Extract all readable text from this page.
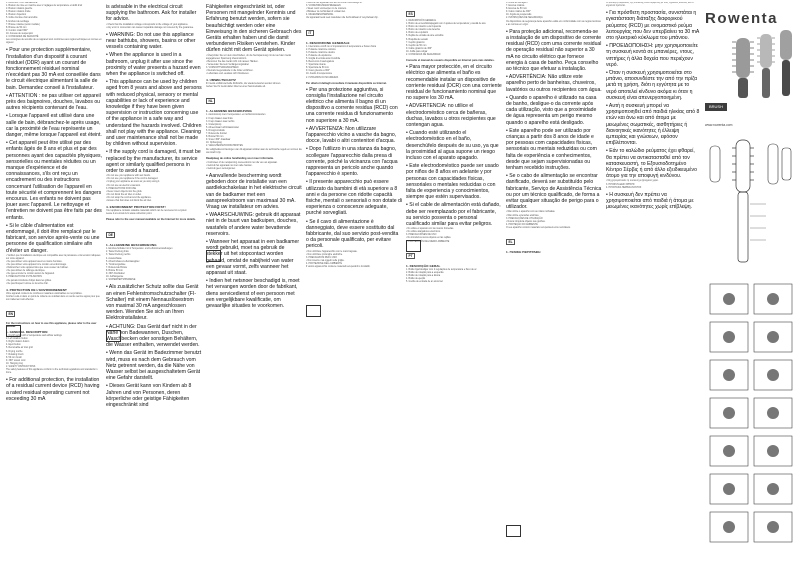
1. DESCRIPTION GÉNÉRALE
1. Bouton de mise en marche avec 2 réglages de température et débit d'air
2. Bouton rotation gauche
3. Bouton rotation droite
4. Bouton d'éjection
5. Grille d'entrée d'air amovible
6. Embout de séchage
7. Brosse rotative (selon modèle)
8. Brosse de 50 mm
9. Cordon rotatif 360°
10. Anneau de suspension
2. CONSIGNES DE SÉCURITÉ
Les consignes de sécurité de cet appareil sont conformes aux règles techniques et normes en vigueur.

• Pour une protection supplémentaire, l'installation d'un dispositif à courant résiduel (DDR) ayant un courant de fonctionnement résiduel nominal n'excédant pas 30 mA est conseillée dans le circuit électrique alimentant la salle de bain. Demandez conseil à l'installateur.

• ATTENTION : ne pas utiliser cet appareil près des baignoires, douches, lavabos ou autres récipients contenant de l'eau.

• Lorsque l'appareil est utilisé dans une salle de bain, débranchez-le après usage, car la proximité de l'eau représente un danger, même lorsque l'appareil est éteint.

• Cet appareil peut être utilisé par des enfants âgés de 8 ans et plus et par des personnes ayant des capacités physiques, sensorielles ou mentales réduites ou un manque d'expérience et de connaissances, s'ils ont reçu un encadrement ou des instructions concernant l'utilisation de l'appareil en toute sécurité et comprennent les dangers encourus. Les enfants ne doivent pas jouer avec l'appareil. Le nettoyage et l'entretien ne doivent pas être faits par des enfants.

• Si le câble d'alimentation est endommagé, il doit être remplacé par le fabricant, son service après-vente ou une personne de qualification similaire afin d'éviter un danger.

• Vérifiez que l'installation électrique est compatible avec la puissance et la tension indiquées sur votre appareil.
• Ne pas utiliser votre appareil avec les mains humides.
• Ne pas utiliser votre appareil si le cordon est endommagé.
• Débranchez votre appareil dès que vous cessez de l'utiliser.
• Ne pas utiliser de rallonge électrique.
• Ne pas enrouler le cordon autour de l'appareil.
3. PRÉCAUTIONS D'UTILISATION
• Ne jamais introduire d'objet dans les grilles.
• Ne pas bloquer l'entrée ou la sortie d'air.

4. PROTECTION DE L'ENVIRONNEMENT

Votre appareil contient de nombreux matériaux valorisables ou recyclables.
Confiez celui-ci dans un point de collecte ou à défaut dans un centre service agréé pour que son traitement soit effectué.

EN

For the instructions on how to use this appliance, please refer to the user manual.

1. GENERAL DESCRIPTION

1. On/off switch with 2 temperature and airflow settings
2. Left rotation button
3. Right rotation button
4. Eject button
5. Removable air inlet grid
6. Drying nozzle
7. Rotating brush
8. 50 mm brush
9. 360° swivel cord
10. Hanging ring
2. SAFETY INSTRUCTIONS
The safety features of this appliance conform to the technical regulations and standards in force.

• For additional protection, the installation of a residual current device (RCD) having a rated residual operating current not exceeding 30 mA

is advisable in the electrical circuit supplying the bathroom. Ask for installer for advice.

• Check that the installation voltage corresponds to the voltage of your appliance.
• Any error in connection can cause irreparable damage not covered by the guarantee.

• WARNING: Do not use this appliance near bathtubs, showers, basins or other vessels containing water.

• When the appliance is used in a bathroom, unplug it after use since the proximity of water presents a hazard even when the appliance is switched off.

• This appliance can be used by children aged from 8 years and above and persons with reduced physical, sensory or mental capabilities or lack of experience and knowledge if they have been given supervision or instruction concerning use of the appliance in a safe way and understand the hazards involved. Children shall not play with the appliance. Cleaning and user maintenance shall not be made by children without supervision.

• If the supply cord is damaged, it must be replaced by the manufacturer, its service agent or similarly qualified persons in order to avoid a hazard.

• Do not use your appliance with wet hands.
• Do not use your appliance if the cord is damaged.
• Unplug your appliance as soon as you stop using it.
• Do not use an electric extension.
3. PRECAUTIONS FOR USE
• Never insert objects into the grids.
• Do not block the air inlet or outlet.
• Do not wrap the cord around the appliance.
• Ensure that hair does not block the air inlet.

4. ENVIRONMENT PROTECTION FIRST!

Your appliance contains valuable materials which can be recovered or recycled.
Leave it at a local civic waste collection point.

Please refer to the user manual available on the Internet for more details.

DE

1. ALLGEMEINE BESCHREIBUNG

1. Ein/Aus-Schalter mit 2 Temperatur- und Luftstromeinstellungen
2. Taste Drehung links
3. Taste Drehung rechts
4. Auswurftaste
5. Abnehmbares Lufteinlassgitter
6. Trocknungsdüse
7. Rotierende Bürste
8. Bürste 50 mm
9. 360°-Drehkabel
10. Aufhängeöse
2. SICHERHEITSHINWEISE

• Als zusätzlicher Schutz sollte das Gerät an einen Fehlerstromschutzschalter (FI-Schalter) mit einem Nennauslösestrom von maximal 30 mA angeschlossen werden. Wenden Sie sich an Ihren Elektroinstallateur.

• ACHTUNG: Das Gerät darf nicht in der Nähe von Badewannen, Duschen, Waschbecken oder sonstigen Behältern, die Wasser enthalten, verwendet werden.

• Wenn das Gerät im Badezimmer benutzt wird, muss es nach dem Gebrauch vom Netz getrennt werden, da die Nähe von Wasser selbst bei ausgeschaltetem Gerät eine Gefahr darstellt.

• Dieses Gerät kann von Kindern ab 8 Jahren und von Personen, deren körperliche oder geistige Fähigkeiten eingeschränkt sind

Fähigkeiten eingeschränkt ist, oder Personen mit mangelnder Kenntnis und Erfahrung benutzt werden, sofern sie beaufsichtigt werden oder eine Einweisung in den sicheren Gebrauch des Geräts erhalten haben und die damit verbundenen Risiken verstehen. Kinder dürfen nicht mit dem Gerät spielen.

• Überprüfen Sie vor dem Anschließen, ob die Netzspannung mit der auf dem Gerät angegebenen Spannung übereinstimmt.
• Benutzen Sie das Gerät nicht mit nassen Händen.
• Verwenden Sie kein Verlängerungskabel.
3. VORSICHTSMASSNAHMEN
• Niemals Gegenstände in die Gitter einführen.
• Lufteinlass und -auslass nicht blockieren.

4. UMWELTSCHUTZ

Ihr Gerät enthält wertvolle Rohstoffe, die wiederverwertet werden können.
Geben Sie Ihr Gerät daher bitte bei einer Sammelstelle ab.

NL

1. ALGEMENE BESCHRIJVING

1. Aan/uit-knop met 2 temperatuur- en luchtstroomstanden
2. Knop draaien naar links
3. Knop draaien naar rechts
4. Uitwerpknop
5. Afneembaar luchtinlaatrooster
6. Droogmondstuk
7. Roterende borstel
8. Borstel 50 mm
9. Snoer 360° draaibaar
10. Ophangoog
2. VEILIGHEIDSVOORSCHRIFTEN
De veiligheidsvoorzieningen van dit apparaat voldoen aan de technische regels en normen die van kracht zijn.

Raadpleeg de online handleiding voor meer informatie.

• Controleer of de netspanning overeenkomt met die van uw apparaat.
• Gebruik het apparaat niet met natte handen.
• Gebruik geen verlengsnoer.

• Aanvullende bescherming wordt geboden door de installatie van een aardlekschakelaar in het elektrische circuit van de badkamer met een aanspreekstroom van maximaal 30 mA. Vraag uw installateur om advies.

• WAARSCHUWING: gebruik dit apparaat niet in de buurt van badkuipen, douches, wastafels of andere water bevattende reservoirs.

• Wanneer het apparaat in een badkamer wordt gebruikt, moet na gebruik de stekker uit het stopcontact worden gehaald, omdat de nabijheid van water een gevaar vormt, zelfs wanneer het apparaat uit staat.

• Indien het netsnoer beschadigd is, moet het vervangen worden door de fabrikant, diens servicedienst of een persoon met een vergelijkbare kwalificatie, om gevaarlijke situaties te voorkomen.

• Gebruik uw apparaat niet als het snoer beschadigd is.
3. VOORZORGSMAATREGELEN
• Steek nooit voorwerpen in de roosters.
• Blokkeer de luchtinlaat of -uitlaat niet.
4. MILIEUBESCHERMING
Uw apparaat bevat veel materialen die herbruikbaar of recyclebaar zijn.

IT

1. DESCRIZIONE GENERALE

1. Interruttore on/off con 2 impostazioni di temperatura e flusso d'aria
2. Pulsante rotazione sinistra
3. Pulsante rotazione destra
4. Pulsante di espulsione
5. Griglia di entrata aria rimovibile
6. Beccuccio di asciugatura
7. Spazzola rotante
8. Spazzola da 50 mm
9. Cavo girevole a 360°
10. Anello di sospensione
2. ISTRUZIONI DI SICUREZZA

Per ulteriori dettagli consultare il manuale disponibile su Internet.

• Per una protezione aggiuntiva, si consiglia l'installazione nel circuito elettrico che alimenta il bagno di un dispositivo a corrente residua (RCD) con una corrente residua di funzionamento non superiore a 30 mA.

• AVVERTENZA: Non utilizzare l'apparecchio vicino a vasche da bagno, docce, lavabi o altri contenitori d'acqua.

• Dopo l'utilizzo in una stanza da bagno, scollegare l'apparecchio dalla presa di corrente, poiché la vicinanza con l'acqua rappresenta un pericolo anche quando l'apparecchio è spento.

• Il presente apparecchio può essere utilizzato da bambini di età superiore a 8 anni e da persone con ridotte capacità fisiche, mentali o sensoriali o non dotate di esperienza o conoscenze adeguate, purché sorvegliati.

• Se il cavo di alimentazione è danneggiato, deve essere sostituito dal fabbricante, dal suo servizio post-vendita o da personale qualificato, per evitare pericoli.

• Non utilizzare l'apparecchio con le mani bagnate.
• Non utilizzare prolunghe elettriche.
3. PRECAUZIONI PER L'USO
• Non inserire mai oggetti nelle griglie.
4. PROTEZIONE DELL'AMBIENTE
Il vostro apparecchio contiene materiali recuperabili o riciclabili.

ES

1. DESCRIPCIÓN GENERAL
1. Botón de encendido/apagado con 2 ajustes de temperatura y caudal de aire
2. Botón de rotación a la izquierda
3. Botón de rotación a la derecha
4. Botón de expulsión
5. Rejilla de entrada de aire extraíble
6. Boquilla de secado
7. Cepillo giratorio
8. Cepillo de 50 mm
9. Cable giratorio de 360°
10. Anilla para colgar
2. CONSIGNAS DE SEGURIDAD

Consulte el manual de usuario disponible en Internet para más detalles.

• Para mayor protección, en el circuito eléctrico que alimenta el baño es recomendable instalar un dispositivo de corriente residual (DCR) con una corriente residual de funcionamiento nominal que no supere los 30 mA.

• ADVERTENCIA: no utilice el electrodoméstico cerca de bañeras, duchas, lavabos u otros recipientes que contengan agua.

• Cuando esté utilizando el electrodoméstico en el baño, desenchúfelo después de su uso, ya que la proximidad al agua supone un riesgo incluso con el aparato apagado.

• Este electrodoméstico puede ser usado por niños de 8 años en adelante y por personas con capacidades físicas, sensoriales o mentales reducidas o con falta de experiencia y conocimientos, siempre que estén supervisados.

• Si el cable de alimentación está dañado, debe ser reemplazado por el fabricante, su servicio posventa o personal cualificado similar para evitar peligros.

• No utilice el aparato con las manos húmedas.
• No utilice alargadores eléctricos.
3. PRECAUCIONES DE USO
• No introduzca nunca objetos en las rejillas.
4. PROTECCIÓN DEL MEDIO AMBIENTE

PT

1. DESCRIÇÃO GERAL

1. Botão ligar/desligar com 2 regulações de temperatura e fluxo de ar
2. Botão de rotação para a esquerda
3. Botão de rotação para a direita
4. Botão de ejeção
5. Grelha de entrada de ar amovível

6. Bocal de secagem
7. Escova rotativa
8. Escova de 50 mm
9. Cabo rotativo de 360°
10. Argola de suspensão
2. INSTRUÇÕES DE SEGURANÇA
Os dispositivos de segurança deste aparelho estão em conformidade com as regras técnicas e as normas em vigor.

• Para proteção adicional, recomenda-se a instalação de um dispositivo de corrente residual (RCD) com uma corrente residual de operação residual não superior a 30 mA no circuito elétrico que fornece energia à casa de banho. Peça conselho ao técnico que efetuar a instalação.

• ADVERTÊNCIA: Não utilize este aparelho perto de banheiras, chuveiros, lavatórios ou outros recipientes com água.

• Quando o aparelho é utilizado na casa de banho, desligue-o da corrente após cada utilização, visto que a proximidade de água representa um perigo mesmo quando o aparelho está desligado.

• Este aparelho pode ser utilizado por crianças a partir dos 8 anos de idade e por pessoas com capacidades físicas, sensoriais ou mentais reduzidas ou com falta de experiência e conhecimentos, desde que sejam supervisionadas ou tenham recebido instruções.

• Se o cabo de alimentação se encontrar danificado, deverá ser substituído pelo fabricante, Serviço de Assistência Técnica ou por um técnico qualificado, de forma a evitar qualquer situação de perigo para o utilizador.

• Não utilize o aparelho com as mãos molhadas.
• Não utilize extensões elétricas.
3. PRECAUÇÕES DE UTILIZAÇÃO
• Nunca introduza objetos nas grelhas.
4. PROTEÇÃO DO AMBIENTE
O seu aparelho contém materiais recuperáveis e/ou recicláveis.

EL

1. ΓΕΝΙΚΗ ΠΕΡΙΓΡΑΦΗ

Οι διατάξεις ασφαλείας της συσκευής είναι σύμφωνες με τους τεχνικούς κανόνες και τα ισχύοντα πρότυπα.

• Για πρόσθετη προστασία, συνιστάται η εγκατάσταση διάταξης διαφορικού ρεύματος (RCD) με ονομαστικό ρεύμα λειτουργίας που δεν υπερβαίνει τα 30 mA στο ηλεκτρικό κύκλωμα του μπάνιου.

• ΠΡΟΕΙΔΟΠΟΙΗΣΗ: μην χρησιμοποιείτε τη συσκευή κοντά σε μπανιέρες, ντους, νιπτήρες ή άλλα δοχεία που περιέχουν νερό.

• Όταν η συσκευή χρησιμοποιείται στο μπάνιο, αποσυνδέστε την από την πρίζα μετά τη χρήση, διότι η εγγύτητα με το νερό αποτελεί κίνδυνο ακόμα κι όταν η συσκευή είναι απενεργοποιημένη.

• Αυτή η συσκευή μπορεί να χρησιμοποιηθεί από παιδιά ηλικίας από 8 ετών και άνω και από άτομα με μειωμένες σωματικές, αισθητήριες ή διανοητικές ικανότητες ή έλλειψη εμπειρίας και γνώσεων, εφόσον επιβλέπονται.

• Εάν το καλώδιο ρεύματος έχει φθαρεί, θα πρέπει να αντικατασταθεί από τον κατασκευαστή, το Εξουσιοδοτημένο Κέντρο Σέρβις ή από άλλο εξειδικευμένο άτομο για την αποφυγή κινδύνου.

• Μη χρησιμοποιείτε τη συσκευή με βρεγμένα χέρια.
3. ΠΡΟΦΥΛΑΞΕΙΣ ΧΡΗΣΗΣ
4. ΠΡΟΣΤΑΣΙΑ ΠΕΡΙΒΑΛΛΟΝΤΟΣ

• Η συσκευή δεν πρέπει να χρησιμοποιείται από παιδιά ή άτομα με μειωμένες ικανότητες χωρίς επίβλεψη.

Rowenta
BRUSH ACTIV
www.rowenta.com
